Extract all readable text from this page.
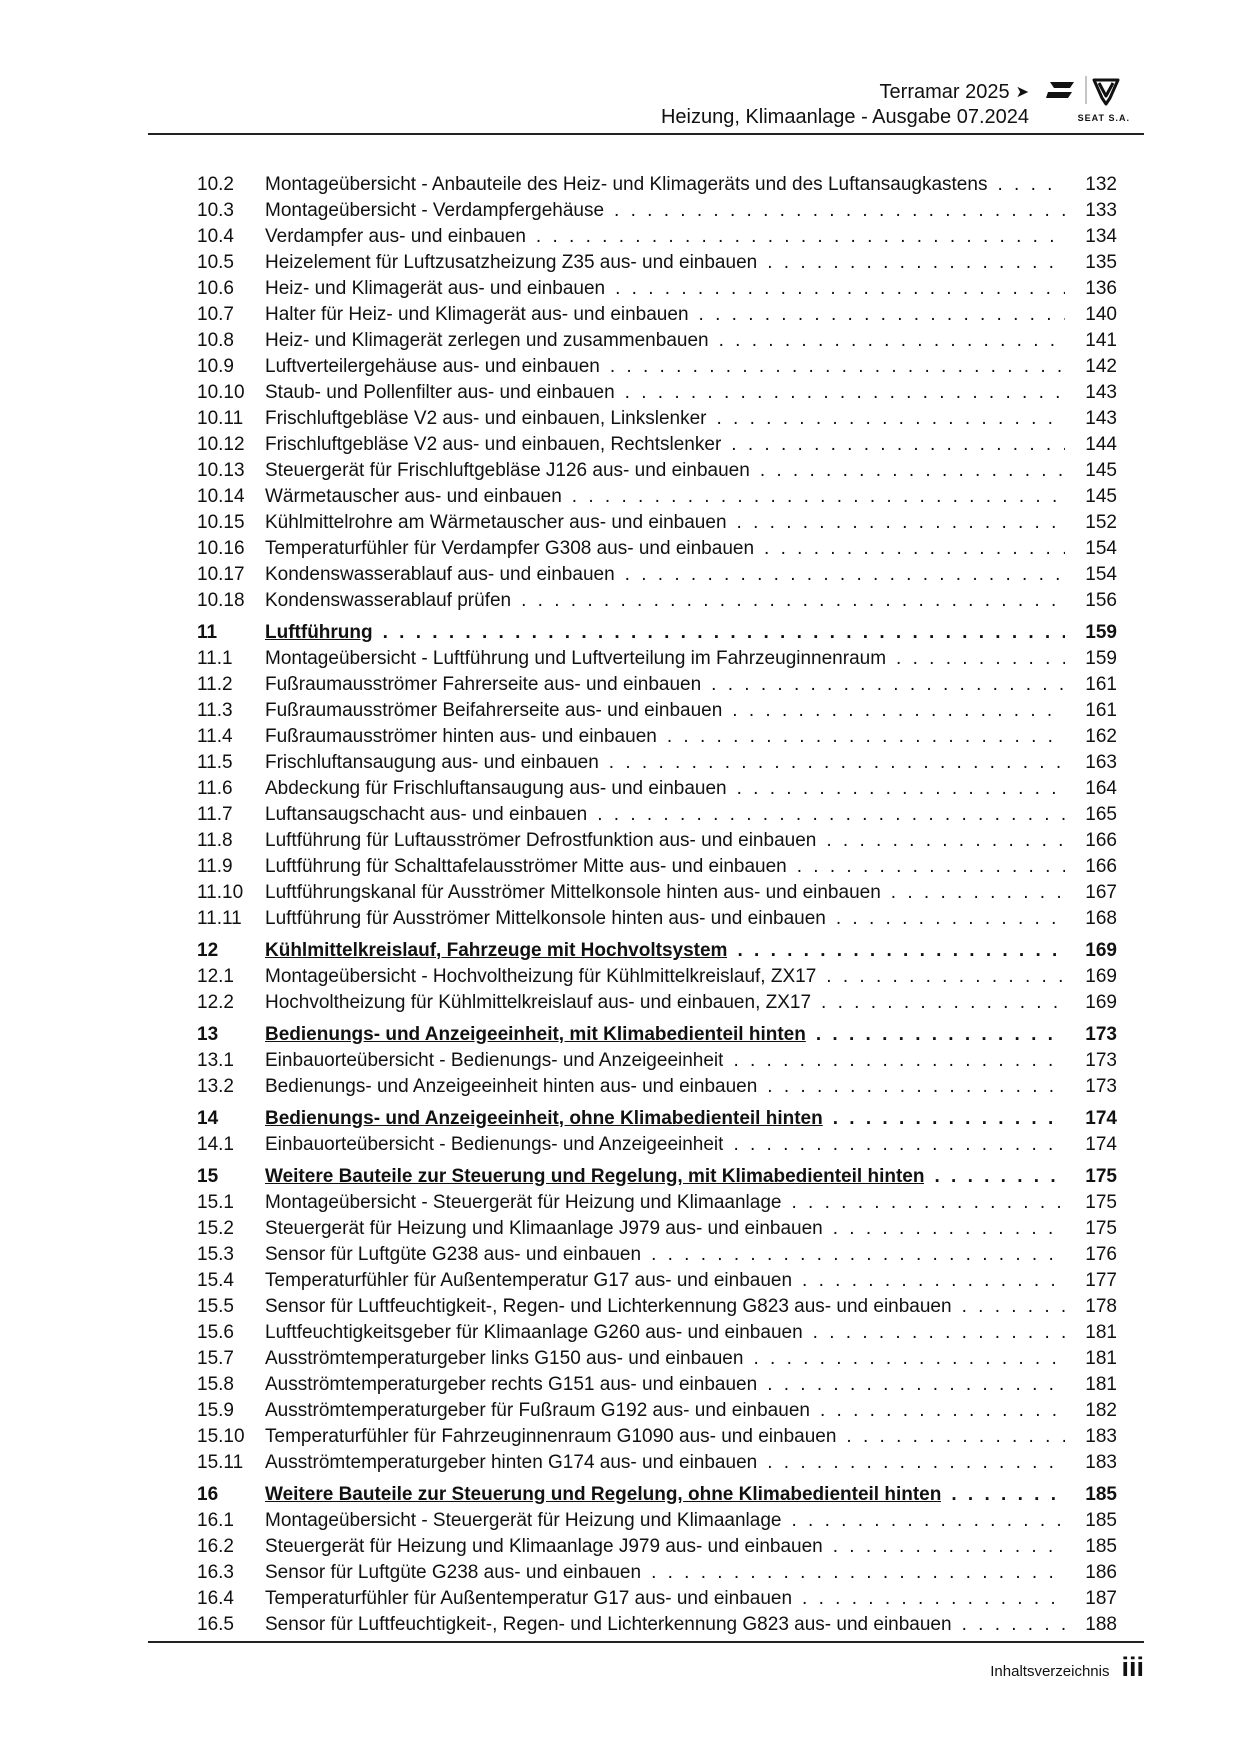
Terramar 2025 ➤
Heizung, Klimaanlage - Ausgabe 07.2024	SEAT S.A.
10.2	Montageübersicht - Anbauteile des Heiz- und Klimageräts und des Luftansaugkastens . . .	132
10.3	Montageübersicht - Verdampfergehäuse . . .	133
10.4	Verdampfer aus- und einbauen . . .	134
10.5	Heizelement für Luftzusatzheizung Z35 aus- und einbauen . . .	135
10.6	Heiz- und Klimagerät aus- und einbauen . . .	136
10.7	Halter für Heiz- und Klimagerät aus- und einbauen . . .	140
10.8	Heiz- und Klimagerät zerlegen und zusammenbauen . . .	141
10.9	Luftverteilergehäuse aus- und einbauen . . .	142
10.10	Staub- und Pollenfilter aus- und einbauen . . .	143
10.11	Frischluftgebläse V2 aus- und einbauen, Linkslenker . . .	143
10.12	Frischluftgebläse V2 aus- und einbauen, Rechtslenker . . .	144
10.13	Steuergerät für Frischluftgebläse J126 aus- und einbauen . . .	145
10.14	Wärmetauscher aus- und einbauen . . .	145
10.15	Kühlmittelrohre am Wärmetauscher aus- und einbauen . . .	152
10.16	Temperaturfühler für Verdampfer G308 aus- und einbauen . . .	154
10.17	Kondenswasserablauf aus- und einbauen . . .	154
10.18	Kondenswasserablauf prüfen . . .	156
11	Luftführung . . .	159
11.1	Montageübersicht - Luftführung und Luftverteilung im Fahrzeuginnenraum . . .	159
11.2	Fußraumausströmer Fahrerseite aus- und einbauen . . .	161
11.3	Fußraumausströmer Beifahrerseite aus- und einbauen . . .	161
11.4	Fußraumausströmer hinten aus- und einbauen . . .	162
11.5	Frischluftansaugung aus- und einbauen . . .	163
11.6	Abdeckung für Frischluftansaugung aus- und einbauen . . .	164
11.7	Luftansaugschacht aus- und einbauen . . .	165
11.8	Luftführung für Luftausströmer Defrostfunktion aus- und einbauen . . .	166
11.9	Luftführung für Schalttafelausströmer Mitte aus- und einbauen . . .	166
11.10	Luftführungskanal für Ausströmer Mittelkonsole hinten aus- und einbauen . . .	167
11.11	Luftführung für Ausströmer Mittelkonsole hinten aus- und einbauen . . .	168
12	Kühlmittelkreislauf, Fahrzeuge mit Hochvoltsystem . . .	169
12.1	Montageübersicht - Hochvoltheizung für Kühlmittelkreislauf, ZX17 . . .	169
12.2	Hochvoltheizung für Kühlmittelkreislauf aus- und einbauen, ZX17 . . .	169
13	Bedienungs- und Anzeigeeinheit, mit Klimabedienteil hinten . . .	173
13.1	Einbauorteübersicht - Bedienungs- und Anzeigeeinheit . . .	173
13.2	Bedienungs- und Anzeigeeinheit hinten aus- und einbauen . . .	173
14	Bedienungs- und Anzeigeeinheit, ohne Klimabedienteil hinten . . .	174
14.1	Einbauorteübersicht - Bedienungs- und Anzeigeeinheit . . .	174
15	Weitere Bauteile zur Steuerung und Regelung, mit Klimabedienteil hinten . . .	175
15.1	Montageübersicht - Steuergerät für Heizung und Klimaanlage . . .	175
15.2	Steuergerät für Heizung und Klimaanlage J979 aus- und einbauen . . .	175
15.3	Sensor für Luftgüte G238 aus- und einbauen . . .	176
15.4	Temperaturfühler für Außentemperatur G17 aus- und einbauen . . .	177
15.5	Sensor für Luftfeuchtigkeit-, Regen- und Lichterkennung G823 aus- und einbauen . . .	178
15.6	Luftfeuchtigkeitsgeber für Klimaanlage G260 aus- und einbauen . . .	181
15.7	Ausströmtemperaturgeber links G150 aus- und einbauen . . .	181
15.8	Ausströmtemperaturgeber rechts G151 aus- und einbauen . . .	181
15.9	Ausströmtemperaturgeber für Fußraum G192 aus- und einbauen . . .	182
15.10	Temperaturfühler für Fahrzeuginnenraum G1090 aus- und einbauen . . .	183
15.11	Ausströmtemperaturgeber hinten G174 aus- und einbauen . . .	183
16	Weitere Bauteile zur Steuerung und Regelung, ohne Klimabedienteil hinten . . .	185
16.1	Montageübersicht - Steuergerät für Heizung und Klimaanlage . . .	185
16.2	Steuergerät für Heizung und Klimaanlage J979 aus- und einbauen . . .	185
16.3	Sensor für Luftgüte G238 aus- und einbauen . . .	186
16.4	Temperaturfühler für Außentemperatur G17 aus- und einbauen . . .	187
16.5	Sensor für Luftfeuchtigkeit-, Regen- und Lichterkennung G823 aus- und einbauen . . .	188
Inhaltsverzeichnis iii
